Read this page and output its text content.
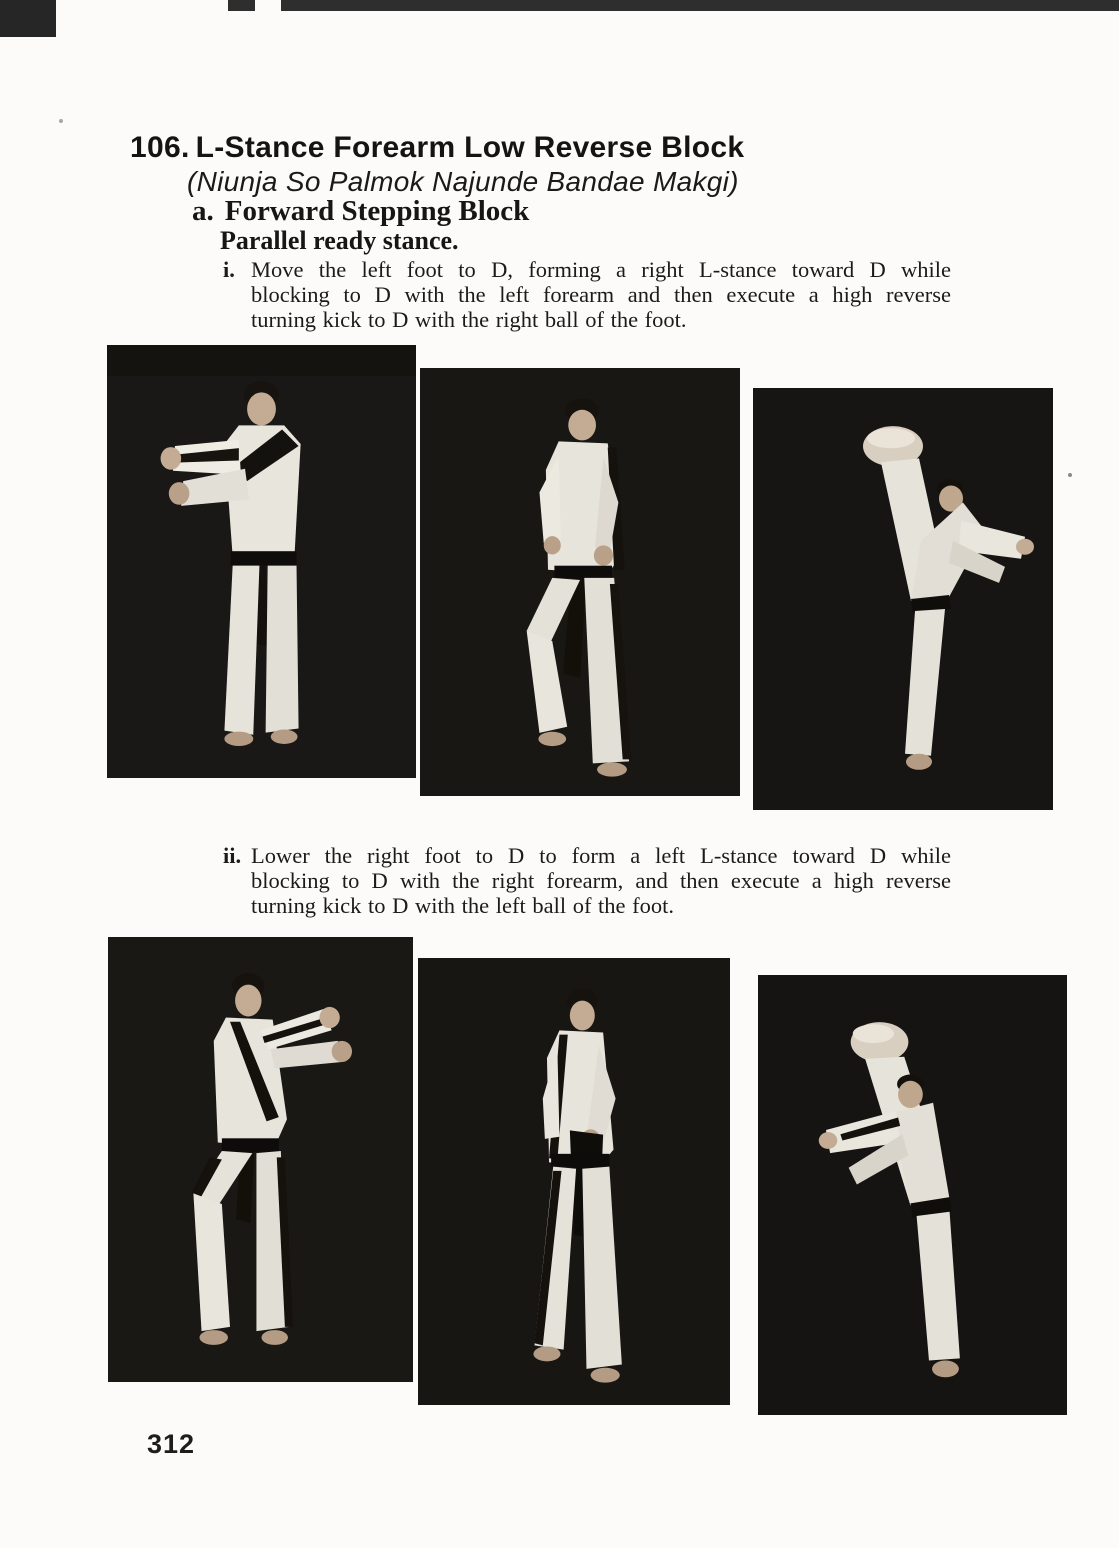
106. L-Stance Forearm Low Reverse Block
(Niunja So Palmok Najunde Bandae Makgi)
a. Forward Stepping Block
Parallel ready stance.
i. Move the left foot to D, forming a right L-stance toward D while
blocking to D with the left forearm and then execute a high reverse
turning kick to D with the right ball of the foot.
ii. Lower the right foot to D to form a left L-stance toward D while
blocking to D with the right forearm, and then execute a high reverse
turning kick to D with the left ball of the foot.
312
